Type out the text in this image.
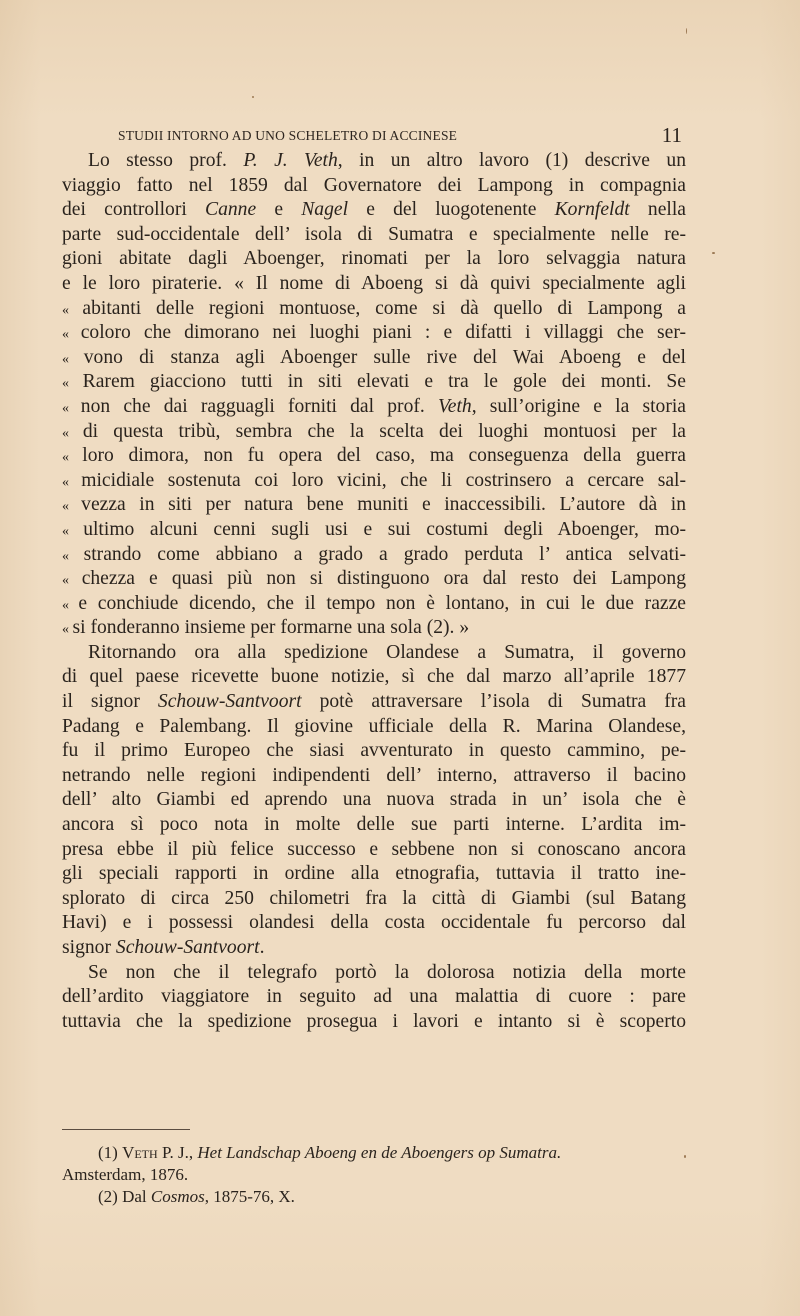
STUDII INTORNO AD UNO SCHELETRO DI ACCINESE	11
Lo stesso prof. P. J. Veth, in un altro lavoro (1) descrive un
viaggio fatto nel 1859 dal Governatore dei Lampong in compagnia
dei controllori Canne e Nagel e del luogotenente Kornfeldt nella
parte sud-occidentale dell’ isola di Sumatra e specialmente nelle re-
gioni abitate dagli Aboenger, rinomati per la loro selvaggia natura
e le loro piraterie. « Il nome di Aboeng si dà quivi specialmente agli
« abitanti delle regioni montuose, come si dà quello di Lampong a
« coloro che dimorano nei luoghi piani : e difatti i villaggi che ser-
« vono di stanza agli Aboenger sulle rive del Wai Aboeng e del
« Rarem giacciono tutti in siti elevati e tra le gole dei monti. Se
« non che dai ragguagli forniti dal prof. Veth, sull’origine e la storia
« di questa tribù, sembra che la scelta dei luoghi montuosi per la
« loro dimora, non fu opera del caso, ma conseguenza della guerra
« micidiale sostenuta coi loro vicini, che li costrinsero a cercare sal-
« vezza in siti per natura bene muniti e inaccessibili. L’autore dà in
« ultimo alcuni cenni sugli usi e sui costumi degli Aboenger, mo-
« strando come abbiano a grado a grado perduta l’ antica selvati-
« chezza e quasi più non si distinguono ora dal resto dei Lampong
« e conchiude dicendo, che il tempo non è lontano, in cui le due razze
« si fonderanno insieme per formarne una sola (2). »
Ritornando ora alla spedizione Olandese a Sumatra, il governo
di quel paese ricevette buone notizie, sì che dal marzo all’aprile 1877
il signor Schouw-Santvoort potè attraversare l’isola di Sumatra fra
Padang e Palembang. Il giovine ufficiale della R. Marina Olandese,
fu il primo Europeo che siasi avventurato in questo cammino, pe-
netrando nelle regioni indipendenti dell’ interno, attraverso il bacino
dell’ alto Giambi ed aprendo una nuova strada in un’ isola che è
ancora sì poco nota in molte delle sue parti interne. L’ardita im-
presa ebbe il più felice successo e sebbene non si conoscano ancora
gli speciali rapporti in ordine alla etnografia, tuttavia il tratto ine-
splorato di circa 250 chilometri fra la città di Giambi (sul Batang
Havi) e i possessi olandesi della costa occidentale fu percorso dal
signor Schouw-Santvoort.
Se non che il telegrafo portò la dolorosa notizia della morte
dell’ardito viaggiatore in seguito ad una malattia di cuore : pare
tuttavia che la spedizione prosegua i lavori e intanto si è scoperto
(1) Veth P. J., Het Landschap Aboeng en de Aboengers op Sumatra.
Amsterdam, 1876.
(2) Dal Cosmos, 1875-76, X.
